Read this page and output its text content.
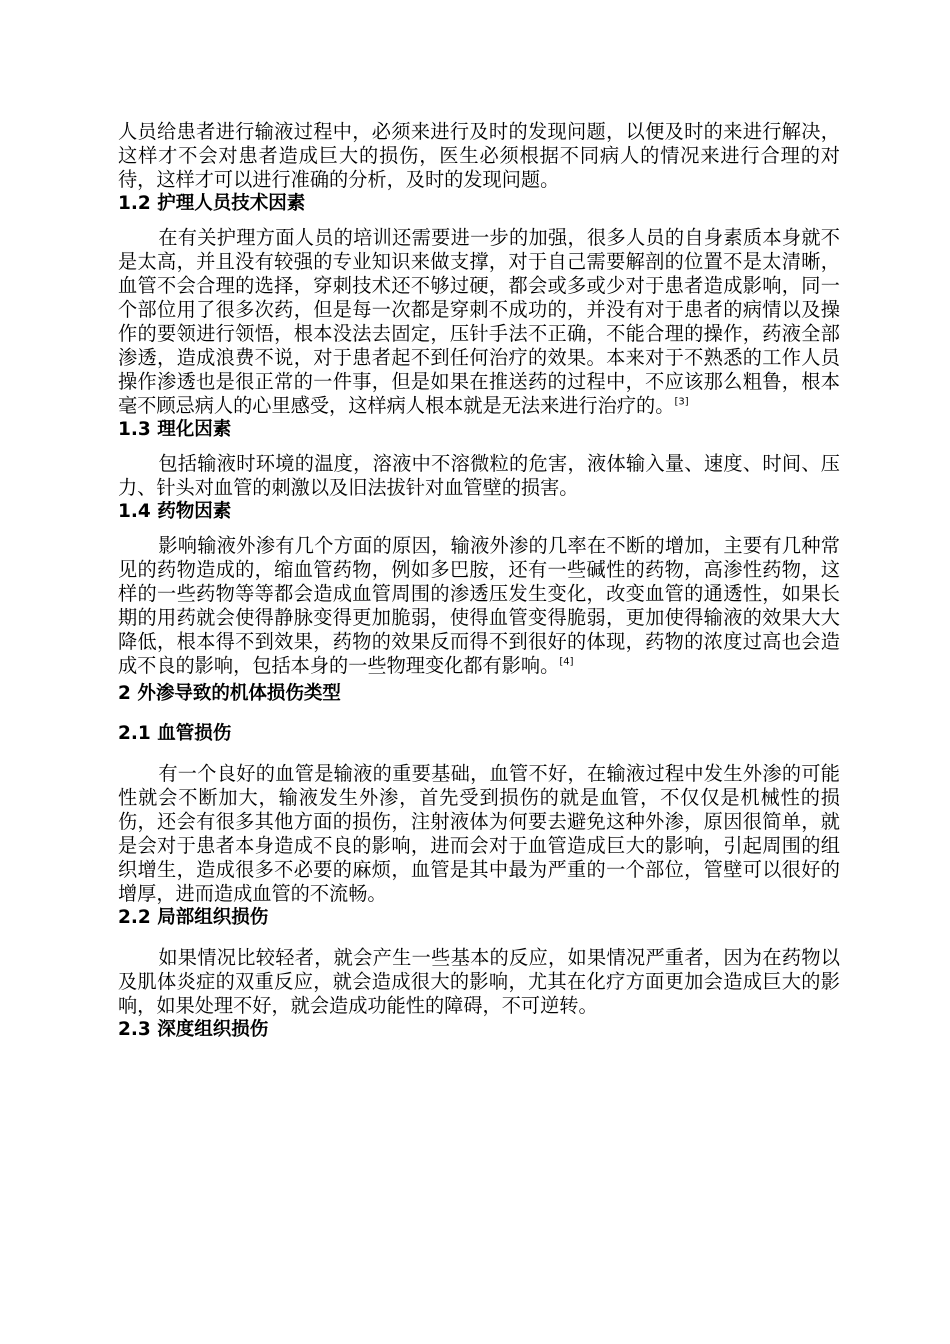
人员给患者进行输液过程中，必须来进行及时的发现问题，以便及时的来进行解决，这样才不会对患者造成巨大的损伤，医生必须根据不同病人的情况来进行合理的对待，这样才可以进行准确的分析，及时的发现问题。

1.2 护理人员技术因素

在有关护理方面人员的培训还需要进一步的加强，很多人员的自身素质本身就不是太高，并且没有较强的专业知识来做支撑，对于自己需要解剖的位置不是太清晰，血管不会合理的选择，穿刺技术还不够过硬，都会或多或少对于患者造成影响，同一个部位用了很多次药，但是每一次都是穿刺不成功的，并没有对于患者的病情以及操作的要领进行领悟，根本没法去固定，压针手法不正确，不能合理的操作，药液全部渗透，造成浪费不说，对于患者起不到任何治疗的效果。本来对于不熟悉的工作人员操作渗透也是很正常的一件事，但是如果在推送药的过程中，不应该那么粗鲁，根本毫不顾忌病人的心里感受，这样病人根本就是无法来进行治疗的。[3]

1.3 理化因素

包括输液时环境的温度，溶液中不溶微粒的危害，液体输入量、速度、时间、压力、针头对血管的刺激以及旧法拔针对血管壁的损害。

1.4 药物因素

影响输液外渗有几个方面的原因，输液外渗的几率在不断的增加，主要有几种常见的药物造成的，缩血管药物，例如多巴胺，还有一些碱性的药物，高渗性药物，这样的一些药物等等都会造成血管周围的渗透压发生变化，改变血管的通透性，如果长期的用药就会使得静脉变得更加脆弱，使得血管变得脆弱，更加使得输液的效果大大降低，根本得不到效果，药物的效果反而得不到很好的体现，药物的浓度过高也会造成不良的影响，包括本身的一些物理变化都有影响。[4]

2 外渗导致的机体损伤类型
2.1 血管损伤

有一个良好的血管是输液的重要基础，血管不好，在输液过程中发生外渗的可能性就会不断加大，输液发生外渗，首先受到损伤的就是血管，不仅仅是机械性的损伤，还会有很多其他方面的损伤，注射液体为何要去避免这种外渗，原因很简单，就是会对于患者本身造成不良的影响，进而会对于血管造成巨大的影响，引起周围的组织增生，造成很多不必要的麻烦，血管是其中最为严重的一个部位，管壁可以很好的增厚，进而造成血管的不流畅。

2.2 局部组织损伤

如果情况比较轻者，就会产生一些基本的反应，如果情况严重者，因为在药物以及肌体炎症的双重反应，就会造成很大的影响，尤其在化疗方面更加会造成巨大的影响，如果处理不好，就会造成功能性的障碍，不可逆转。

2.3 深度组织损伤
